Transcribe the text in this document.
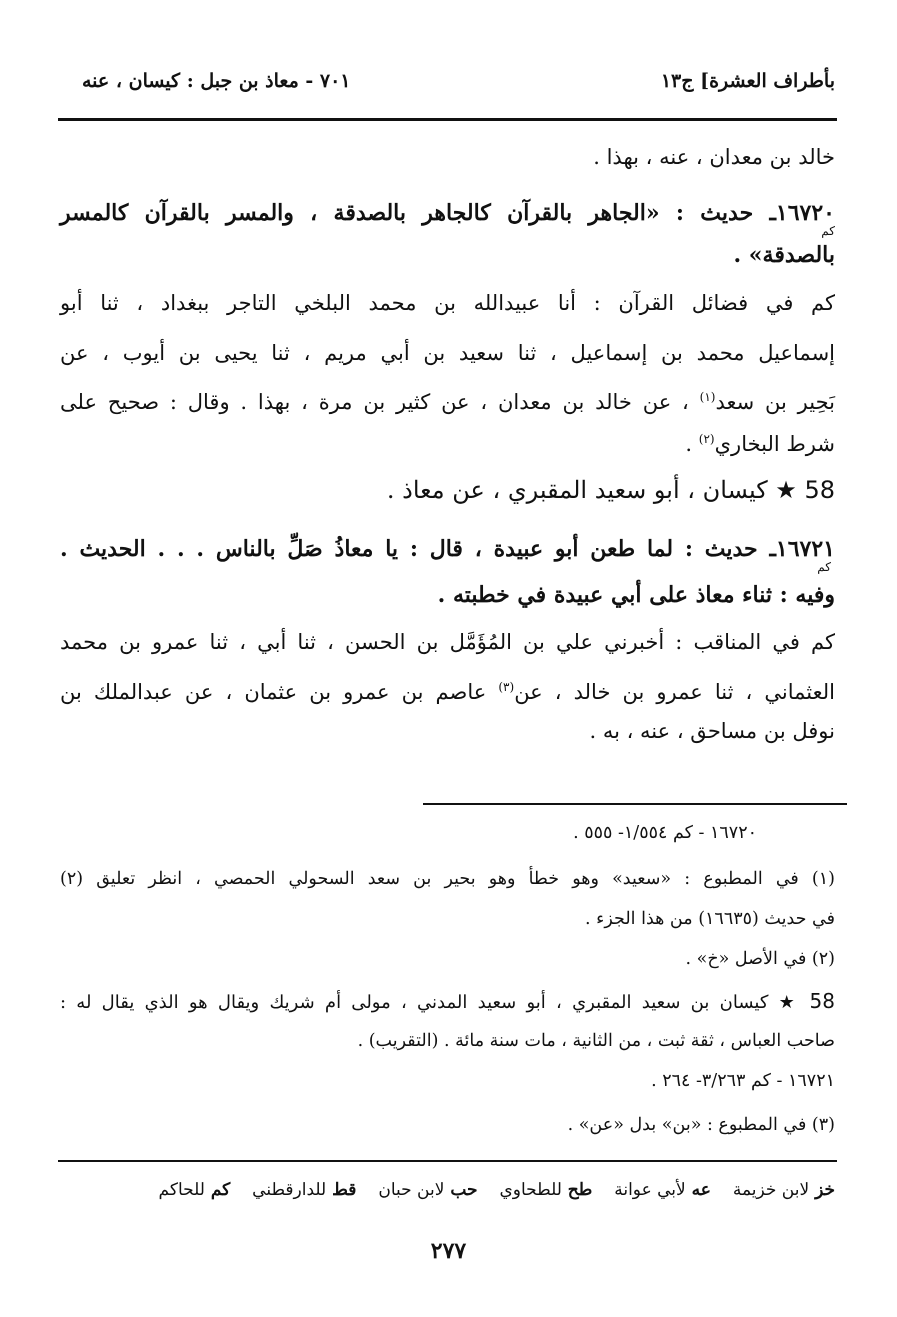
بأطراف العشرة] ج١٣
٧٠١ - معاذ بن جبل : كيسان ، عنه
خالد بن معدان ، عنه ، بهذا .
١٦٧٢٠ـ حديث : «الجاهر بالقرآن كالجاهر بالصدقة ، والمسر بالقرآن كالمسر
كم
بالصدقة» .
كم في فضائل القرآن : أنا عبيدالله بن محمد البلخي التاجر ببغداد ، ثنا أبو
إسماعيل محمد بن إسماعيل ، ثنا سعيد بن أبي مريم ، ثنا يحيى بن أيوب ، عن
بَحِير بن سعد$^{(١)}$ ، عن خالد بن معدان ، عن كثير بن مرة ، بهذا . وقال : صحيح على
شرط البخاري$^{(٢)}$ .
58 ★ كيسان ، أبو سعيد المقبري ، عن معاذ .
١٦٧٢١ـ حديث : لما طعن أبو عبيدة ، قال : يا معاذُ صَلِّ بالناس . . . الحديث .
كم
وفيه : ثناء معاذ على أبي عبيدة في خطبته .
كم في المناقب : أخبرني علي بن المُؤَمَّل بن الحسن ، ثنا أبي ، ثنا عمرو بن محمد
العثماني ، ثنا عمرو بن خالد ، عن$^{(٣)}$ عاصم بن عمرو بن عثمان ، عن عبدالملك بن
نوفل بن مساحق ، عنه ، به .
١٦٧٢٠ - كم ١/٥٥٤- ٥٥٥ .
(١) في المطبوع : «سعيد» وهو خطأ وهو بحير بن سعد السحولي الحمصي ، انظر تعليق (٢)
في حديث (١٦٦٣٥) من هذا الجزء .
(٢) في الأصل «خ» .
58 ★ كيسان بن سعيد المقبري ، أبو سعيد المدني ، مولى أم شريك ويقال هو الذي يقال له :
صاحب العباس ، ثقة ثبت ، من الثانية ، مات سنة مائة . (التقريب) .
١٦٧٢١ - كم ٣/٢٦٣- ٢٦٤ .
(٣) في المطبوع : «بن» بدل «عن» .
خز لابن خزيمة عه لأبي عوانة طح للطحاوي حب لابن حبان قط للدارقطني كم للحاكم
٢٧٧
